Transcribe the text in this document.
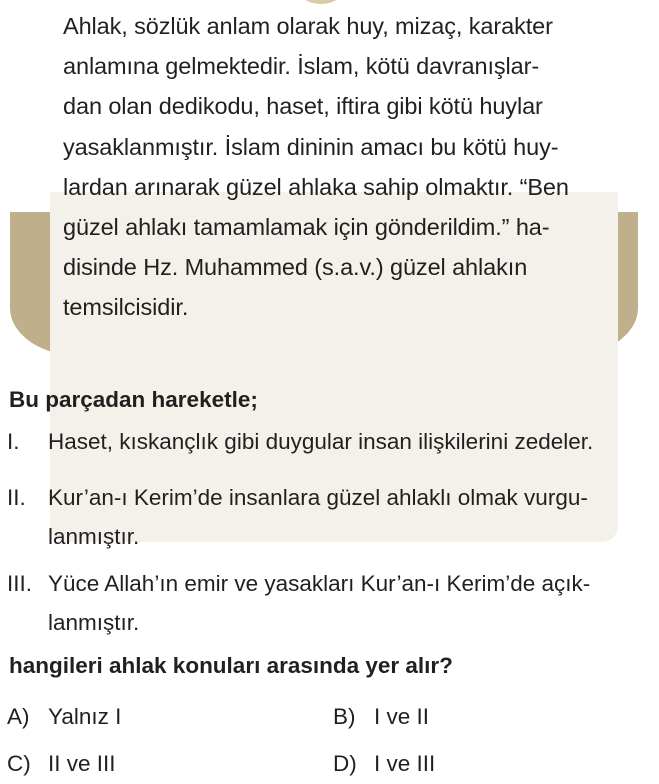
Ahlak, sözlük anlam olarak huy, mizaç, karakter
anlamına gelmektedir. İslam, kötü davranışlar-
dan olan dedikodu, haset, iftira gibi kötü huylar
yasaklanmıştır. İslam dininin amacı bu kötü huy-
lardan arınarak güzel ahlaka sahip olmaktır. “Ben
güzel ahlakı tamamlamak için gönderildim.” ha-
disinde Hz. Muhammed (s.a.v.) güzel ahlakın
temsilcisidir.

Bu parçadan hareketle;

I. Haset, kıskançlık gibi duygular insan ilişkilerini zedeler.
II. Kur’an-ı Kerim’de insanlara güzel ahlaklı olmak vurgu-
lanmıştır.
III. Yüce Allah’ın emir ve yasakları Kur’an-ı Kerim’de açık-
lanmıştır.

hangileri ahlak konuları arasında yer alır?

A) Yalnız I	B) I ve II
C) II ve III	D) I ve III
